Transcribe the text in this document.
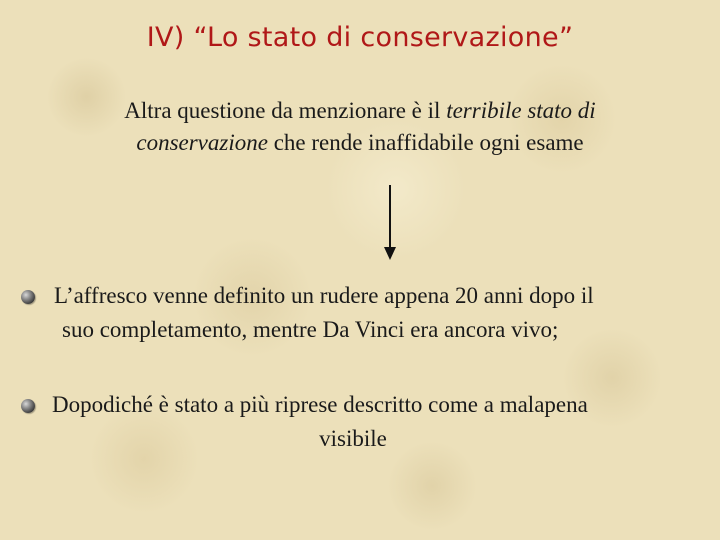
IV) “Lo stato di conservazione”
Altra questione da menzionare è il terribile stato di conservazione che rende inaffidabile ogni esame
L’affresco venne definito un rudere appena 20 anni dopo il
suo completamento, mentre Da Vinci era ancora vivo;
Dopodiché è stato a più riprese descritto come a malapena
visibile
